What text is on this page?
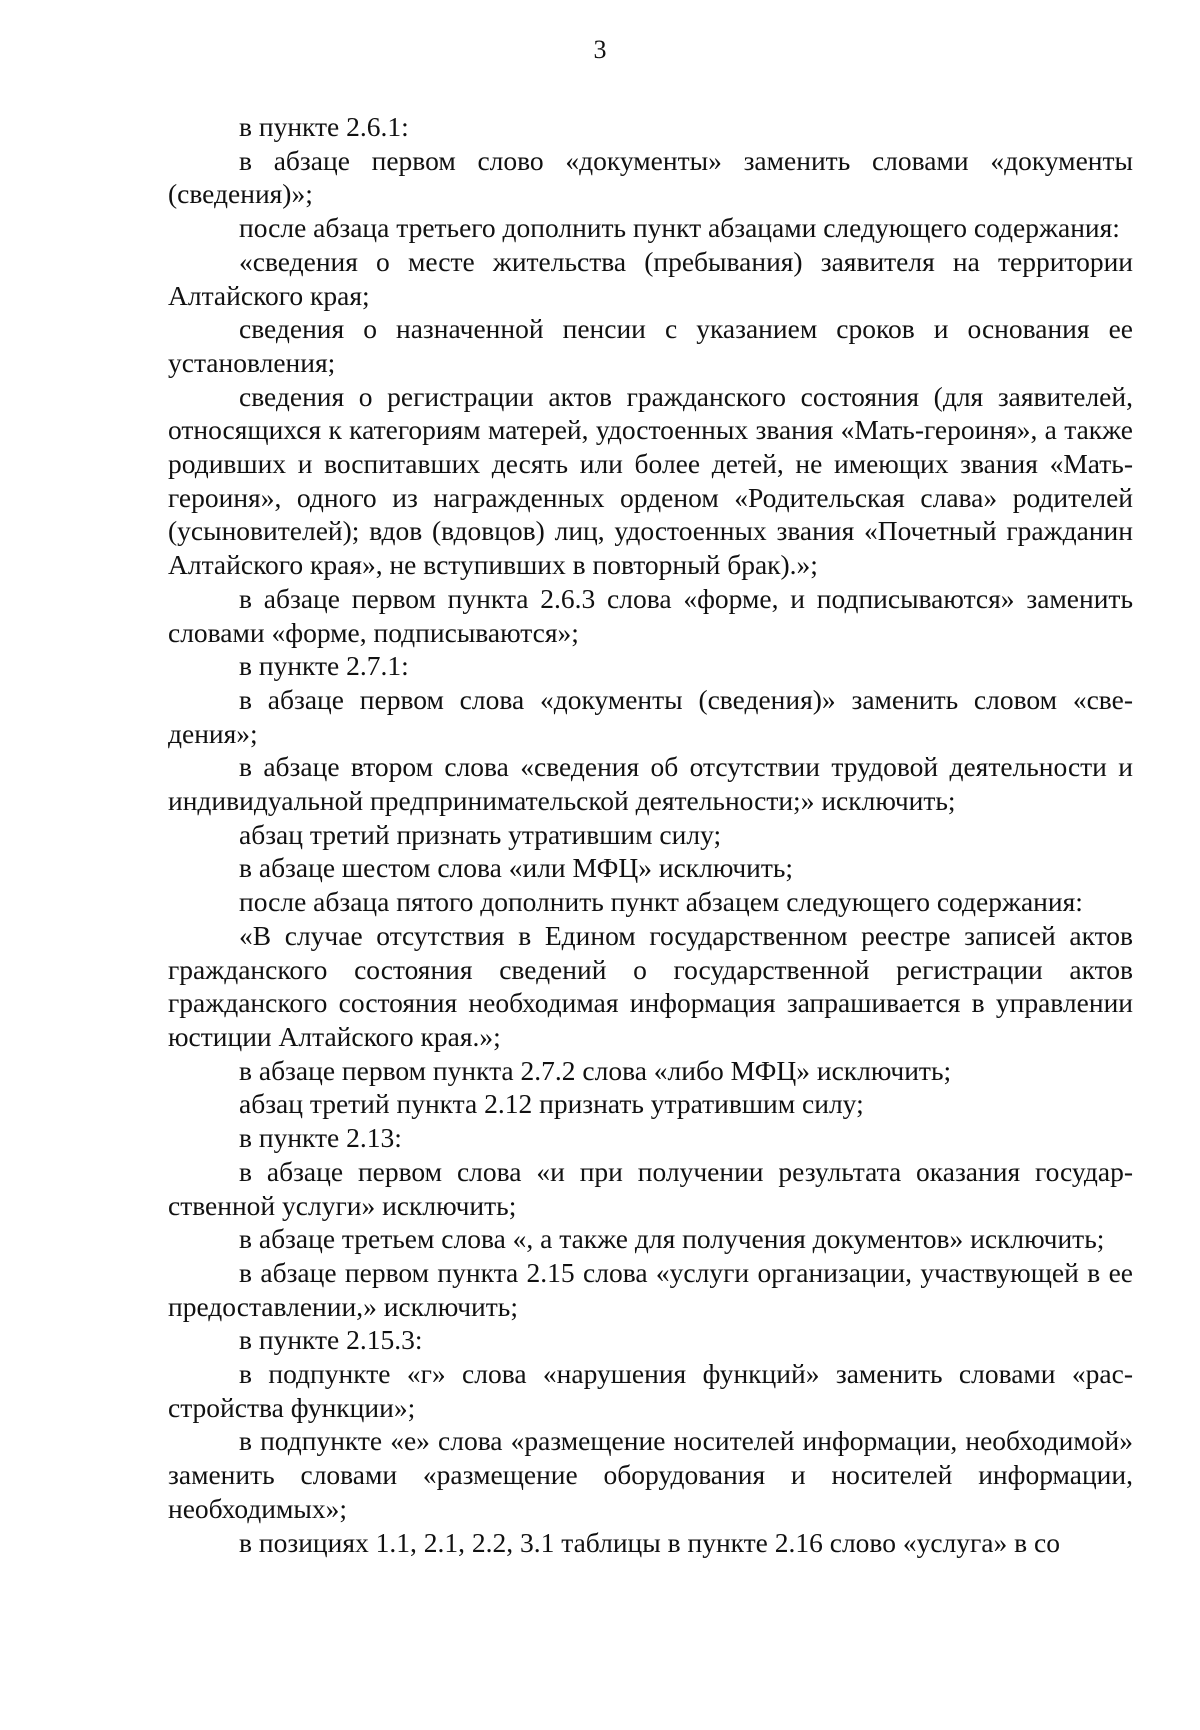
3

в пункте 2.6.1:

в абзаце первом слово «документы» заменить словами «документы (сведения)»;

после абзаца третьего дополнить пункт абзацами следующего содержания:

«сведения о месте жительства (пребывания) заявителя на территории Алтайского края;

сведения о назначенной пенсии с указанием сроков и основания ее установления;

сведения о регистрации актов гражданского состояния (для заявителей, относящихся к категориям матерей, удостоенных звания «Мать-героиня», а также родивших и воспитавших десять или более детей, не имеющих звания «Мать-героиня», одного из награжденных орденом «Родительская слава» родителей (усыновителей); вдов (вдовцов) лиц, удостоенных звания «Почетный гражданин Алтайского края», не вступивших в повторный брак).»;

в абзаце первом пункта 2.6.3 слова «форме, и подписываются» заменить словами «форме, подписываются»;

в пункте 2.7.1:

в абзаце первом слова «документы (сведения)» заменить словом «сведения»;

в абзаце втором слова «сведения об отсутствии трудовой деятельности и индивидуальной предпринимательской деятельности;» исключить;

абзац третий признать утратившим силу;

в абзаце шестом слова «или МФЦ» исключить;

после абзаца пятого дополнить пункт абзацем следующего содержания:

«В случае отсутствия в Едином государственном реестре записей актов гражданского состояния сведений о государственной регистрации актов гражданского состояния необходимая информация запрашивается в управлении юстиции Алтайского края.»;

в абзаце первом пункта 2.7.2 слова «либо МФЦ» исключить;

абзац третий пункта 2.12 признать утратившим силу;

в пункте 2.13:

в абзаце первом слова «и при получении результата оказания государственной услуги» исключить;

в абзаце третьем слова «, а также для получения документов» исключить;

в абзаце первом пункта 2.15 слова «услуги организации, участвующей в ее предоставлении,» исключить;

в пункте 2.15.3:

в подпункте «г» слова «нарушения функций» заменить словами «расстройства функции»;

в подпункте «е» слова «размещение носителей информации, необходимой» заменить словами «размещение оборудования и носителей информации, необходимых»;

в позициях 1.1, 2.1, 2.2, 3.1 таблицы в пункте 2.16 слово «услуга» в со
